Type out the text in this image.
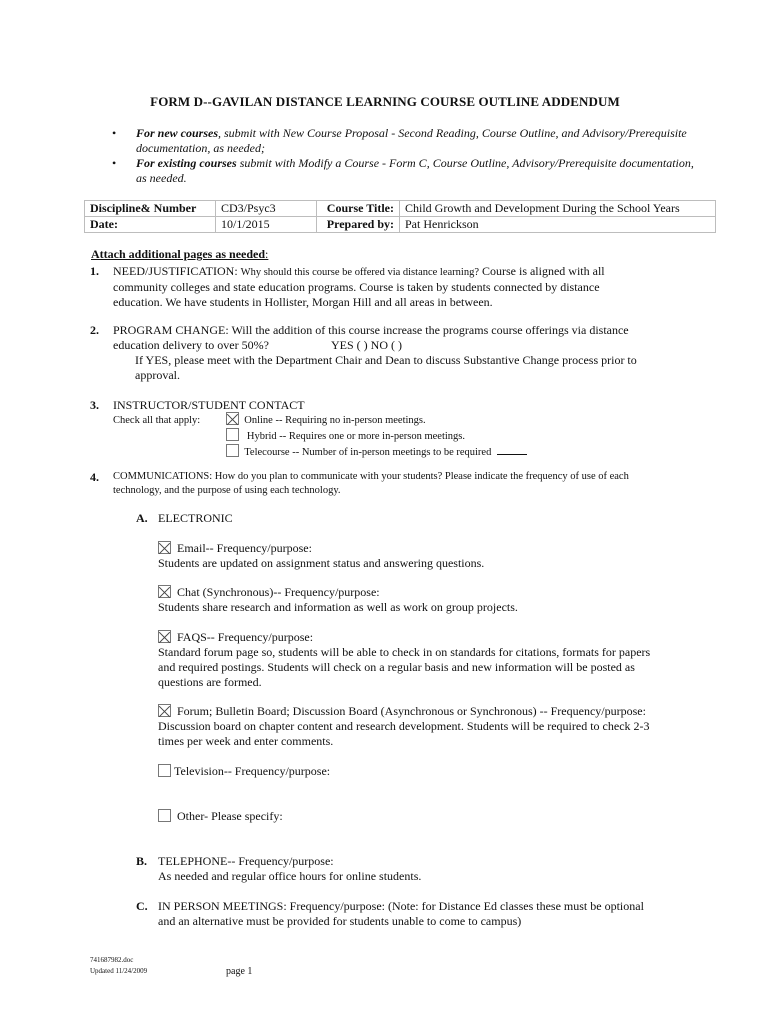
FORM D--GAVILAN DISTANCE LEARNING COURSE OUTLINE ADDENDUM
• For new courses, submit with New Course Proposal - Second Reading, Course Outline, and Advisory/Prerequisite documentation, as needed;
• For existing courses submit with Modify a Course - Form C, Course Outline, Advisory/Prerequisite documentation, as needed.
Discipline& Number	CD3/Psyc3	Course Title:	Child Growth and Development During the School Years
Date:	10/1/2015	Prepared by:	Pat Henrickson
Attach additional pages as needed:
1. NEED/JUSTIFICATION: Why should this course be offered via distance learning? Course is aligned with all
community colleges and state education programs. Course is taken by students connected by distance
education. We have students in Hollister, Morgan Hill and all areas in between.
2. PROGRAM CHANGE: Will the addition of this course increase the programs course offerings via distance
education delivery to over 50%?	YES ( ) NO ( )
If YES, please meet with the Department Chair and Dean to discuss Substantive Change process prior to
approval.
3. INSTRUCTOR/STUDENT CONTACT
Check all that apply:	Online -- Requiring no in-person meetings.
Hybrid -- Requires one or more in-person meetings.
Telecourse -- Number of in-person meetings to be required
4. COMMUNICATIONS: How do you plan to communicate with your students? Please indicate the frequency of use of each
technology, and the purpose of using each technology.
A. ELECTRONIC
Email-- Frequency/purpose:
Students are updated on assignment status and answering questions.
Chat (Synchronous)-- Frequency/purpose:
Students share research and information as well as work on group projects.
FAQS-- Frequency/purpose:
Standard forum page so, students will be able to check in on standards for citations, formats for papers
and required postings. Students will check on a regular basis and new information will be posted as
questions are formed.
Forum; Bulletin Board; Discussion Board (Asynchronous or Synchronous) -- Frequency/purpose:
Discussion board on chapter content and research development. Students will be required to check 2-3
times per week and enter comments.
Television-- Frequency/purpose:
Other- Please specify:
B. TELEPHONE-- Frequency/purpose:
As needed and regular office hours for online students.
C. IN PERSON MEETINGS: Frequency/purpose: (Note: for Distance Ed classes these must be optional
and an alternative must be provided for students unable to come to campus)
741687982.doc
Updated 11/24/2009	page 1
